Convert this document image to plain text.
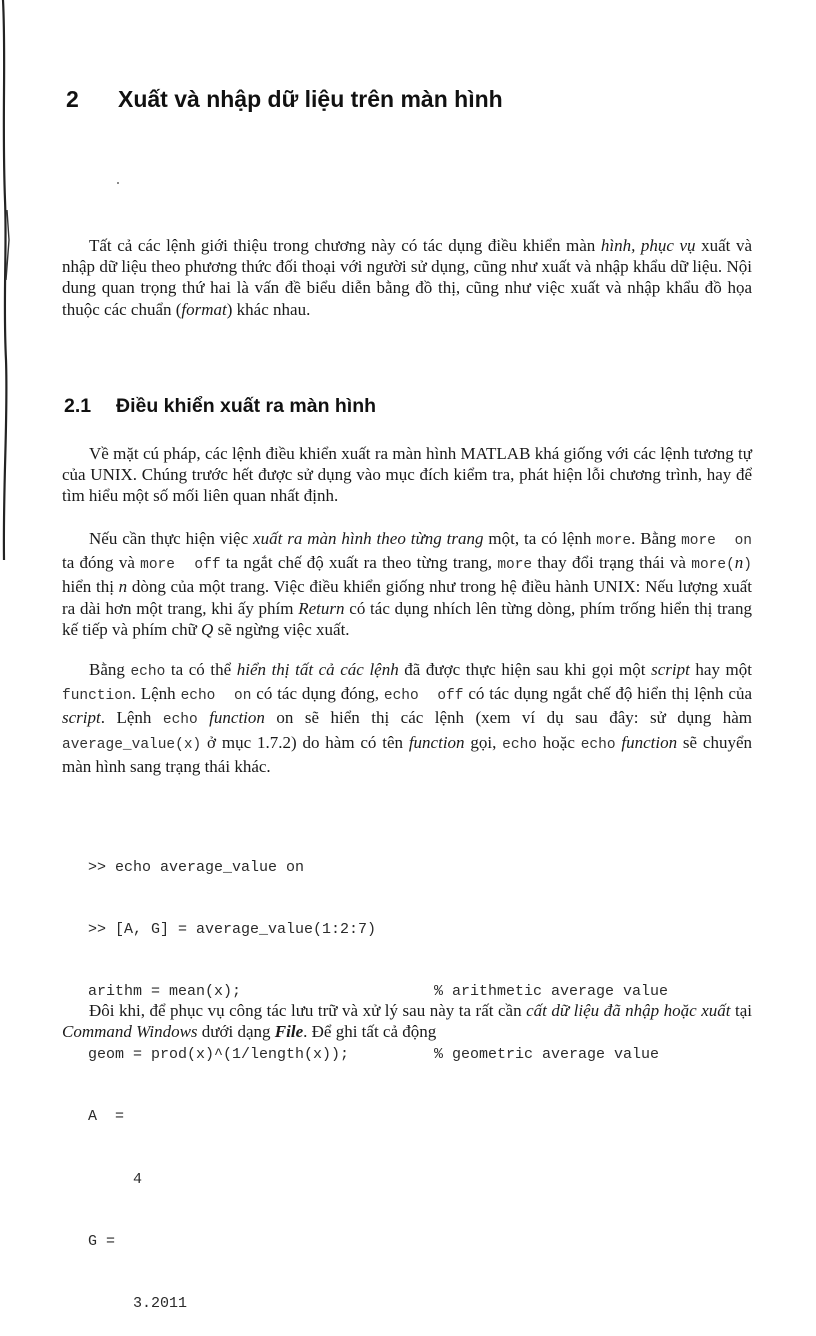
2 Xuất và nhập dữ liệu trên màn hình

Tất cả các lệnh giới thiệu trong chương này có tác dụng điều khiển màn hình, phục vụ xuất và nhập dữ liệu theo phương thức đối thoại với người sử dụng, cũng như xuất và nhập khẩu dữ liệu. Nội dung quan trọng thứ hai là vấn đề biểu diễn bằng đồ thị, cũng như việc xuất và nhập khẩu đồ họa thuộc các chuẩn (format) khác nhau.

2.1 Điều khiển xuất ra màn hình

Về mặt cú pháp, các lệnh điều khiển xuất ra màn hình MATLAB khá giống với các lệnh tương tự của UNIX. Chúng trước hết được sử dụng vào mục đích kiểm tra, phát hiện lỗi chương trình, hay để tìm hiểu một số mối liên quan nhất định.

Nếu cần thực hiện việc xuất ra màn hình theo từng trang một, ta có lệnh more. Bằng more  on ta đóng và more  off ta ngắt chế độ xuất ra theo từng trang, more thay đổi trạng thái và more(n) hiển thị n dòng của một trang. Việc điều khiển giống như trong hệ điều hành UNIX: Nếu lượng xuất ra dài hơn một trang, khi ấy phím Return có tác dụng nhích lên từng dòng, phím trống hiển thị trang kế tiếp và phím chữ Q sẽ ngừng việc xuất.

Bằng echo ta có thể hiển thị tất cả các lệnh đã được thực hiện sau khi gọi một script hay một function. Lệnh echo  on có tác dụng đóng, echo  off có tác dụng ngắt chế độ hiển thị lệnh của script. Lệnh echo function on sẽ hiển thị các lệnh (xem ví dụ sau đây: sử dụng hàm average_value(x) ở mục 1.7.2) do hàm có tên function gọi, echo hoặc echo function sẽ chuyển màn hình sang trạng thái khác.

>> echo average_value on

>> [A, G] = average_value(1:2:7)

arithm = mean(x);	% arithmetic average value

geom = prod(x)^(1/length(x));	% geometric average value

A  =

4

G =

3.2011

Đôi khi, để phục vụ công tác lưu trữ và xử lý sau này ta rất cần cất dữ liệu đã nhập hoặc xuất tại Command Windows dưới dạng File. Để ghi tất cả động
